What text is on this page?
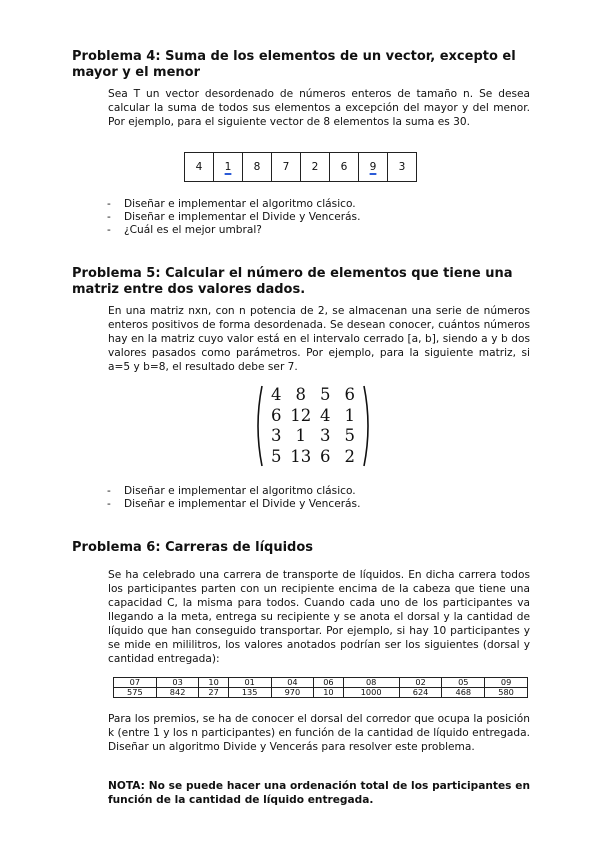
Problema 4: Suma de los elementos de un vector, excepto el mayor y el menor

Sea T un vector desordenado de números enteros de tamaño n. Se desea calcular la suma de todos sus elementos a excepción del mayor y del menor. Por ejemplo, para el siguiente vector de 8 elementos la suma es 30.

4	1	8	7	2	6	9	3
- Diseñar e implementar el algoritmo clásico.
- Diseñar e implementar el Divide y Vencerás.
- ¿Cuál es el mejor umbral?
Problema 5: Calcular el número de elementos que tiene una matriz entre dos valores dados.

En una matriz nxn, con n potencia de 2, se almacenan una serie de números enteros positivos de forma desordenada. Se desean conocer, cuántos números hay en la matriz cuyo valor está en el intervalo cerrado [a, b], siendo a y b dos valores pasados como parámetros. Por ejemplo, para la siguiente matriz, si a=5 y b=8, el resultado debe ser 7.

4 8 5 6
6 12 4 1
3 1 3 5
5 13 6 2
- Diseñar e implementar el algoritmo clásico.
- Diseñar e implementar el Divide y Vencerás.
Problema 6: Carreras de líquidos

Se ha celebrado una carrera de transporte de líquidos. En dicha carrera todos los participantes parten con un recipiente encima de la cabeza que tiene una capacidad C, la misma para todos. Cuando cada uno de los participantes va llegando a la meta, entrega su recipiente y se anota el dorsal y la cantidad de líquido que han conseguido transportar. Por ejemplo, si hay 10 participantes y se mide en mililitros, los valores anotados podrían ser los siguientes (dorsal y cantidad entregada):

07	03	10	01	04	06	08	02	05	09
575	842	27	135	970	10	1000	624	468	580

Para los premios, se ha de conocer el dorsal del corredor que ocupa la posición k (entre 1 y los n participantes) en función de la cantidad de líquido entregada. Diseñar un algoritmo Divide y Vencerás para resolver este problema.

NOTA: No se puede hacer una ordenación total de los participantes en función de la cantidad de líquido entregada.
